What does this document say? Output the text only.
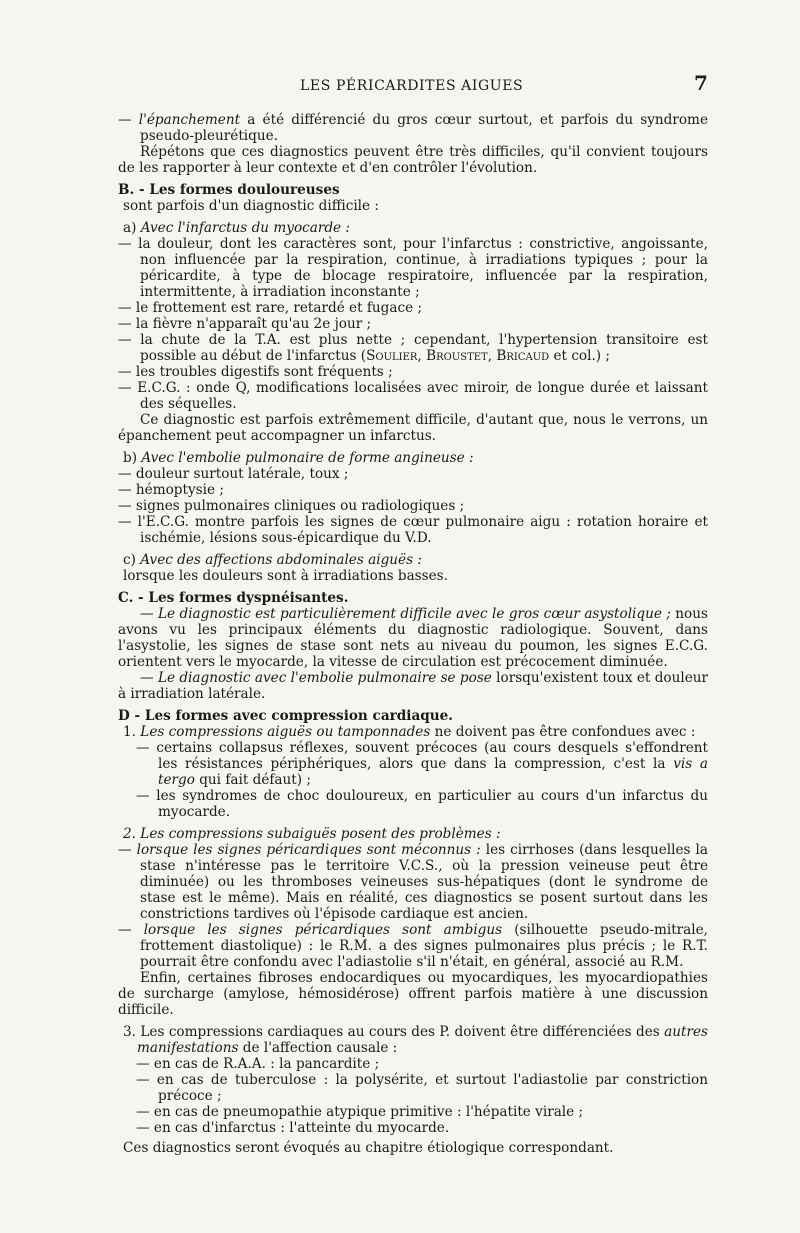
LES PÉRICARDITES AIGUES	7

— l'épanchement a été différencié du gros cœur surtout, et parfois du syndrome pseudo-pleurétique.

Répétons que ces diagnostics peuvent être très difficiles, qu'il convient toujours de les rapporter à leur contexte et d'en contrôler l'évolution.

B. - Les formes douloureuses

sont parfois d'un diagnostic difficile :

a) Avec l'infarctus du myocarde :

— la douleur, dont les caractères sont, pour l'infarctus : constrictive, angoissante, non influencée par la respiration, continue, à irradiations typiques ; pour la péricardite, à type de blocage respiratoire, influencée par la respiration, intermittente, à irradiation inconstante ;

— le frottement est rare, retardé et fugace ;

— la fièvre n'apparaît qu'au 2e jour ;

— la chute de la T.A. est plus nette ; cependant, l'hypertension transitoire est possible au début de l'infarctus (Soulier, Broustet, Bricaud et col.) ;

— les troubles digestifs sont fréquents ;

— E.C.G. : onde Q, modifications localisées avec miroir, de longue durée et laissant des séquelles.

Ce diagnostic est parfois extrêmement difficile, d'autant que, nous le verrons, un épanchement peut accompagner un infarctus.

b) Avec l'embolie pulmonaire de forme angineuse :

— douleur surtout latérale, toux ;

— hémoptysie ;

— signes pulmonaires cliniques ou radiologiques ;

— l'E.C.G. montre parfois les signes de cœur pulmonaire aigu : rotation horaire et ischémie, lésions sous-épicardique du V.D.

c) Avec des affections abdominales aiguës :

lorsque les douleurs sont à irradiations basses.

C. - Les formes dyspnéisantes.

— Le diagnostic est particulièrement difficile avec le gros cœur asystolique ; nous avons vu les principaux éléments du diagnostic radiologique. Souvent, dans l'asystolie, les signes de stase sont nets au niveau du poumon, les signes E.C.G. orientent vers le myocarde, la vitesse de circulation est précocement diminuée.

— Le diagnostic avec l'embolie pulmonaire se pose lorsqu'existent toux et douleur à irradiation latérale.

D - Les formes avec compression cardiaque.

1. Les compressions aiguës ou tamponnades ne doivent pas être confondues avec :

— certains collapsus réflexes, souvent précoces (au cours desquels s'effondrent les résistances périphériques, alors que dans la compression, c'est la vis a tergo qui fait défaut) ;

— les syndromes de choc douloureux, en particulier au cours d'un infarctus du myocarde.

2. Les compressions subaiguës posent des problèmes :

— lorsque les signes péricardiques sont méconnus : les cirrhoses (dans lesquelles la stase n'intéresse pas le territoire V.C.S., où la pression veineuse peut être diminuée) ou les thromboses veineuses sus-hépatiques (dont le syndrome de stase est le même). Mais en réalité, ces diagnostics se posent surtout dans les constrictions tardives où l'épisode cardiaque est ancien.

— lorsque les signes péricardiques sont ambigus (silhouette pseudo-mitrale, frottement diastolique) : le R.M. a des signes pulmonaires plus précis ; le R.T. pourrait être confondu avec l'adiastolie s'il n'était, en général, associé au R.M.

Enfin, certaines fibroses endocardiques ou myocardiques, les myocardiopathies de surcharge (amylose, hémosidérose) offrent parfois matière à une discussion difficile.

3. Les compressions cardiaques au cours des P. doivent être différenciées des autres manifestations de l'affection causale :

— en cas de R.A.A. : la pancardite ;

— en cas de tuberculose : la polysérite, et surtout l'adiastolie par constriction précoce ;

— en cas de pneumopathie atypique primitive : l'hépatite virale ;

— en cas d'infarctus : l'atteinte du myocarde.

Ces diagnostics seront évoqués au chapitre étiologique correspondant.
